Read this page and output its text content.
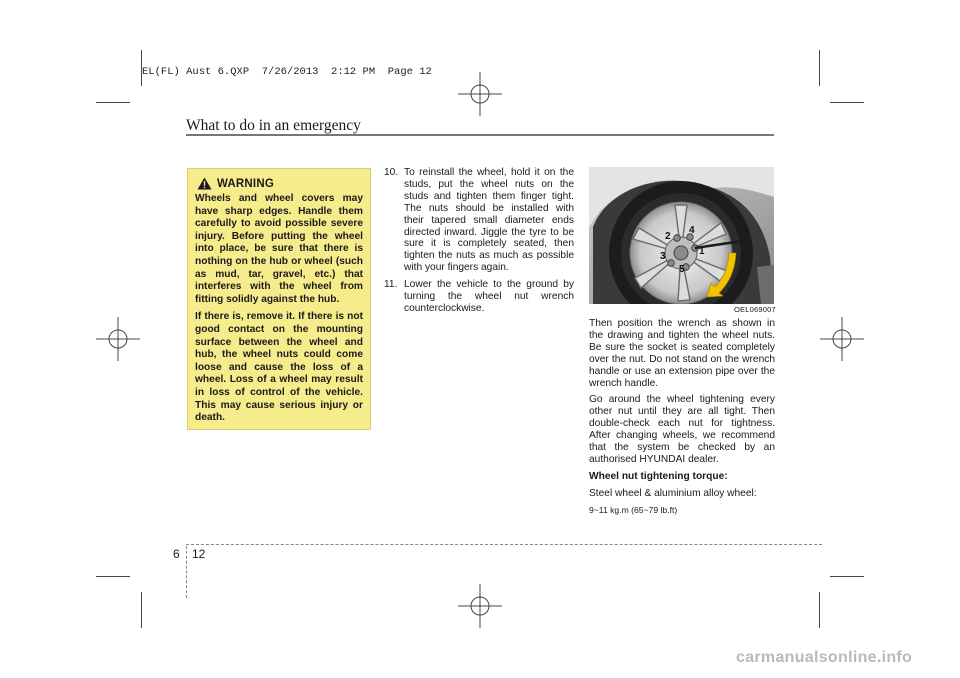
EL(FL) Aust 6.QXP  7/26/2013  2:12 PM  Page 12
What to do in an emergency
WARNING

Wheels and wheel covers may have sharp edges. Handle them carefully to avoid possible severe injury. Before putting the wheel into place, be sure that there is nothing on the hub or wheel (such as mud, tar, gravel, etc.) that interferes with the wheel from fitting solidly against the hub.

If there is, remove it. If there is not good contact on the mounting surface between the wheel and hub, the wheel nuts could come loose and cause the loss of a wheel. Loss of a wheel may result in loss of control of the vehicle. This may cause serious injury or death.

10. To reinstall the wheel, hold it on the studs, put the wheel nuts on the studs and tighten them finger tight. The nuts should be installed with their tapered small diameter ends directed inward. Jiggle the tyre to be sure it is completely seated, then tighten the nuts as much as possible with your fingers again.
11. Lower the vehicle to the ground by turning the wheel nut wrench counterclockwise.
1
2
3
4
5
OEL069007

Then position the wrench as shown in the drawing and tighten the wheel nuts. Be sure the socket is seated completely over the nut. Do not stand on the wrench handle or use an extension pipe over the wrench handle.

Go around the wheel tightening every other nut until they are all tight. Then double-check each nut for tightness. After changing wheels, we recommend that the system be checked by an authorised HYUNDAI dealer.

Wheel nut tightening torque:

Steel wheel & aluminium alloy wheel:

9~11 kg.m (65~79 lb.ft)

6 12
carmanualsonline.info
